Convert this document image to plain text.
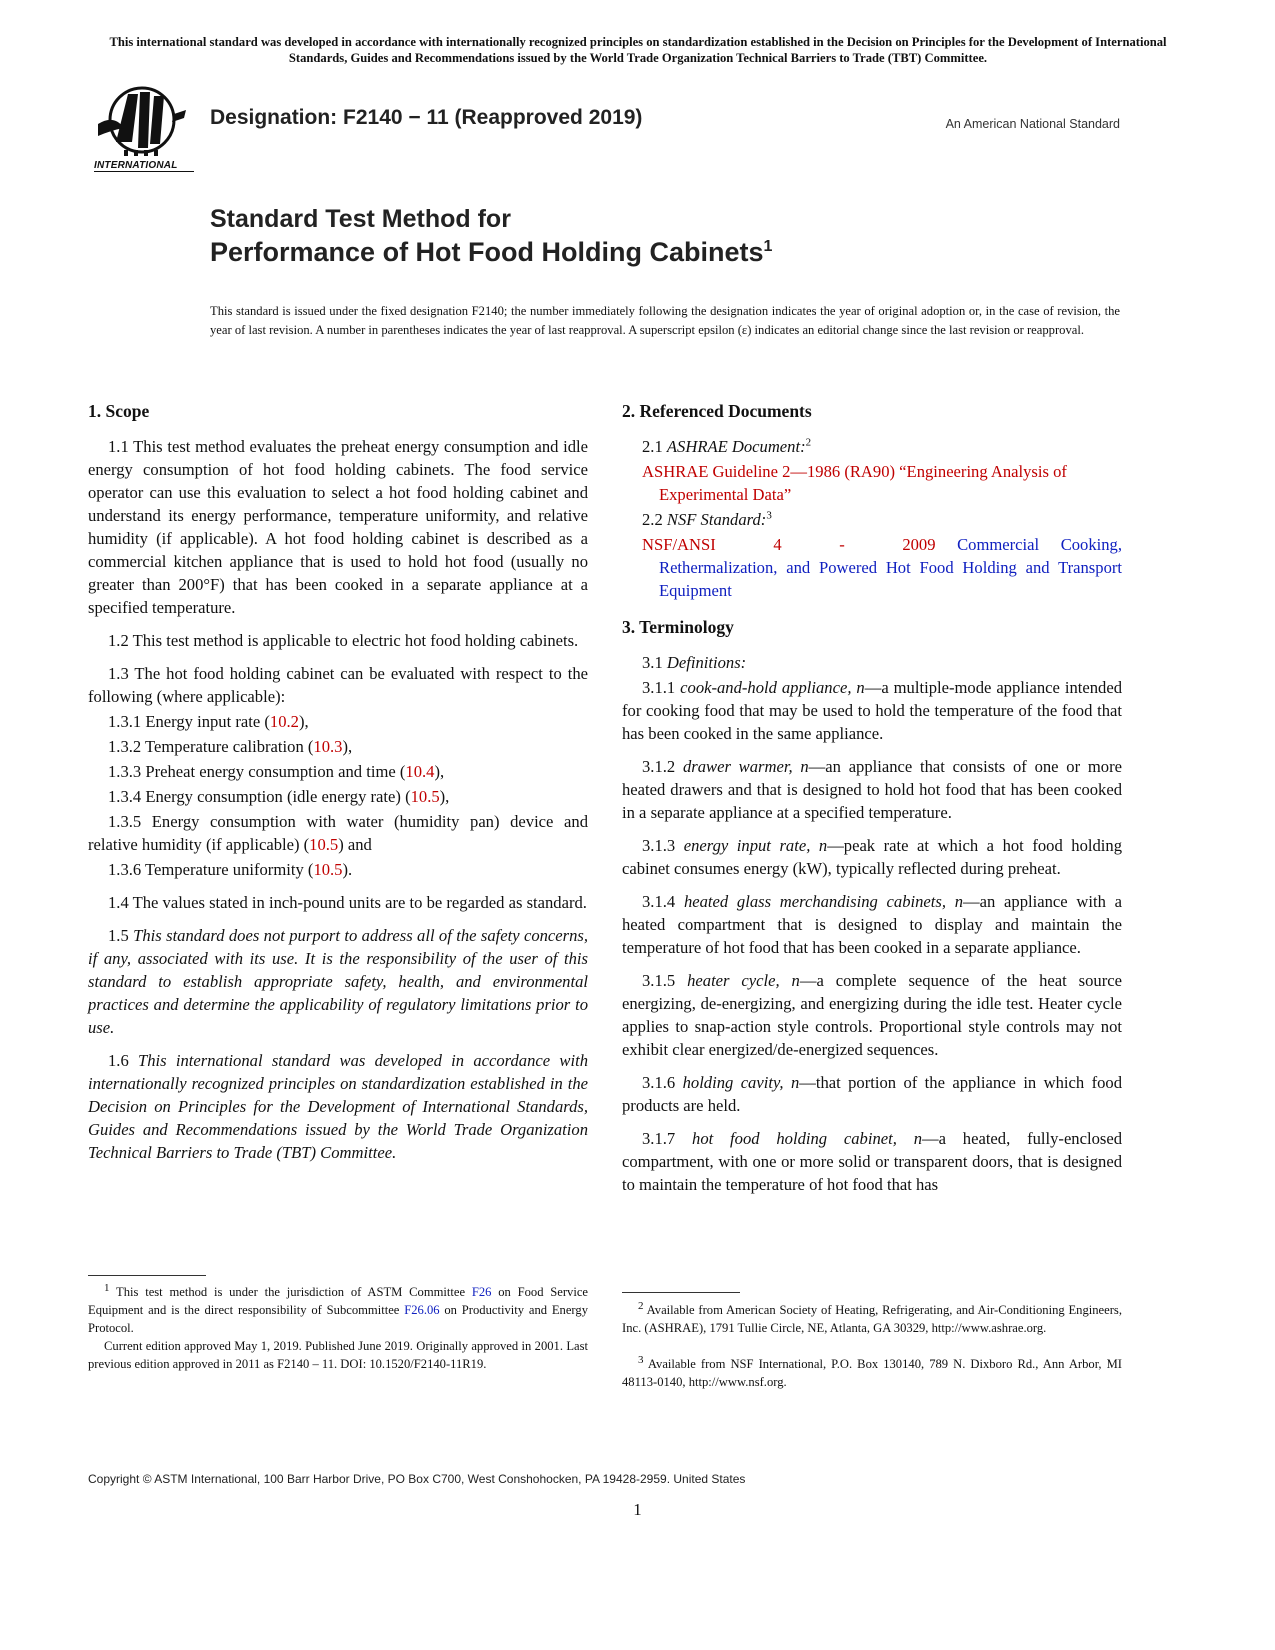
This international standard was developed in accordance with internationally recognized principles on standardization established in the Decision on Principles for the Development of International Standards, Guides and Recommendations issued by the World Trade Organization Technical Barriers to Trade (TBT) Committee.
INTERNATIONAL
Designation: F2140 − 11 (Reapproved 2019)	An American National Standard
Standard Test Method for
Performance of Hot Food Holding Cabinets$^1$
This standard is issued under the fixed designation F2140; the number immediately following the designation indicates the year of original adoption or, in the case of revision, the year of last revision. A number in parentheses indicates the year of last reapproval. A superscript epsilon (ε) indicates an editorial change since the last revision or reapproval.
1. Scope

1.1 This test method evaluates the preheat energy consumption and idle energy consumption of hot food holding cabinets. The food service operator can use this evaluation to select a hot food holding cabinet and understand its energy performance, temperature uniformity, and relative humidity (if applicable). A hot food holding cabinet is described as a commercial kitchen appliance that is used to hold hot food (usually no greater than 200°F) that has been cooked in a separate appliance at a specified temperature.

1.2 This test method is applicable to electric hot food holding cabinets.

1.3 The hot food holding cabinet can be evaluated with respect to the following (where applicable):

1.3.1 Energy input rate (10.2),
1.3.2 Temperature calibration (10.3),
1.3.3 Preheat energy consumption and time (10.4),
1.3.4 Energy consumption (idle energy rate) (10.5),

1.3.5 Energy consumption with water (humidity pan) device and relative humidity (if applicable) (10.5) and

1.3.6 Temperature uniformity (10.5).

1.4 The values stated in inch-pound units are to be regarded as standard.

1.5 This standard does not purport to address all of the safety concerns, if any, associated with its use. It is the responsibility of the user of this standard to establish appropriate safety, health, and environmental practices and determine the applicability of regulatory limitations prior to use.

1.6 This international standard was developed in accordance with internationally recognized principles on standardization established in the Decision on Principles for the Development of International Standards, Guides and Recommendations issued by the World Trade Organization Technical Barriers to Trade (TBT) Committee.

2. Referenced Documents
2.1 ASHRAE Document:$^2$
ASHRAE Guideline 2—1986 (RA90) “Engineering Analysis of Experimental Data”
2.2 NSF Standard:$^3$
NSF/ANSI 4 - 2009 Commercial Cooking, Rethermalization, and Powered Hot Food Holding and Transport Equipment
3. Terminology
3.1 Definitions:

3.1.1 cook-and-hold appliance, n—a multiple-mode appliance intended for cooking food that may be used to hold the temperature of the food that has been cooked in the same appliance.

3.1.2 drawer warmer, n—an appliance that consists of one or more heated drawers and that is designed to hold hot food that has been cooked in a separate appliance at a specified temperature.

3.1.3 energy input rate, n—peak rate at which a hot food holding cabinet consumes energy (kW), typically reflected during preheat.

3.1.4 heated glass merchandising cabinets, n—an appliance with a heated compartment that is designed to display and maintain the temperature of hot food that has been cooked in a separate appliance.

3.1.5 heater cycle, n—a complete sequence of the heat source energizing, de-energizing, and energizing during the idle test. Heater cycle applies to snap-action style controls. Proportional style controls may not exhibit clear energized/de-energized sequences.

3.1.6 holding cavity, n—that portion of the appliance in which food products are held.

3.1.7 hot food holding cabinet, n—a heated, fully-enclosed compartment, with one or more solid or transparent doors, that is designed to maintain the temperature of hot food that has

$^1$ This test method is under the jurisdiction of ASTM Committee F26 on Food Service Equipment and is the direct responsibility of Subcommittee F26.06 on Productivity and Energy Protocol.

Current edition approved May 1, 2019. Published June 2019. Originally approved in 2001. Last previous edition approved in 2011 as F2140 – 11. DOI: 10.1520/F2140-11R19.

$^2$ Available from American Society of Heating, Refrigerating, and Air-Conditioning Engineers, Inc. (ASHRAE), 1791 Tullie Circle, NE, Atlanta, GA 30329, http://www.ashrae.org.

$^3$ Available from NSF International, P.O. Box 130140, 789 N. Dixboro Rd., Ann Arbor, MI 48113-0140, http://www.nsf.org.

Copyright © ASTM International, 100 Barr Harbor Drive, PO Box C700, West Conshohocken, PA 19428-2959. United States
1
